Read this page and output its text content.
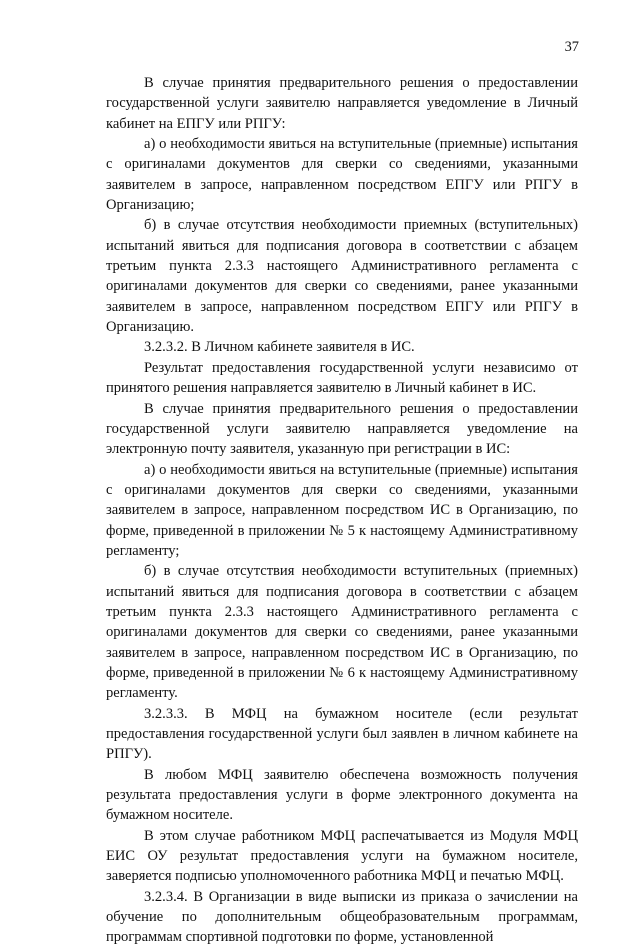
37

В случае принятия предварительного решения о предоставлении государственной услуги заявителю направляется уведомление в Личный кабинет на ЕПГУ или РПГУ:

а) о необходимости явиться на вступительные (приемные) испытания с оригиналами документов для сверки со сведениями, указанными заявителем в запросе, направленном посредством ЕПГУ или РПГУ в Организацию;

б) в случае отсутствия необходимости приемных (вступительных) испытаний явиться для подписания договора в соответствии с абзацем третьим пункта 2.3.3 настоящего Административного регламента с оригиналами документов для сверки со сведениями, ранее указанными заявителем в запросе, направленном посредством ЕПГУ или РПГУ в Организацию.

3.2.3.2. В Личном кабинете заявителя в ИС.

Результат предоставления государственной услуги независимо от принятого решения направляется заявителю в Личный кабинет в ИС.

В случае принятия предварительного решения о предоставлении государственной услуги заявителю направляется уведомление на электронную почту заявителя, указанную при регистрации в ИС:

а) о необходимости явиться на вступительные (приемные) испытания с оригиналами документов для сверки со сведениями, указанными заявителем в запросе, направленном посредством ИС в Организацию, по форме, приведенной в приложении № 5 к настоящему Административному регламенту;

б) в случае отсутствия необходимости вступительных (приемных) испытаний явиться для подписания договора в соответствии с абзацем третьим пункта 2.3.3 настоящего Административного регламента с оригиналами документов для сверки со сведениями, ранее указанными заявителем в запросе, направленном посредством ИС в Организацию, по форме, приведенной в приложении № 6 к настоящему Административному регламенту.

3.2.3.3. В МФЦ на бумажном носителе (если результат предоставления государственной услуги был заявлен в личном кабинете на РПГУ).

В любом МФЦ заявителю обеспечена возможность получения результата предоставления услуги в форме электронного документа на бумажном носителе.

В этом случае работником МФЦ распечатывается из Модуля МФЦ ЕИС ОУ результат предоставления услуги на бумажном носителе, заверяется подписью уполномоченного работника МФЦ и печатью МФЦ.

3.2.3.4. В Организации в виде выписки из приказа о зачислении на обучение по дополнительным общеобразовательным программам, программам спортивной подготовки по форме, установленной
